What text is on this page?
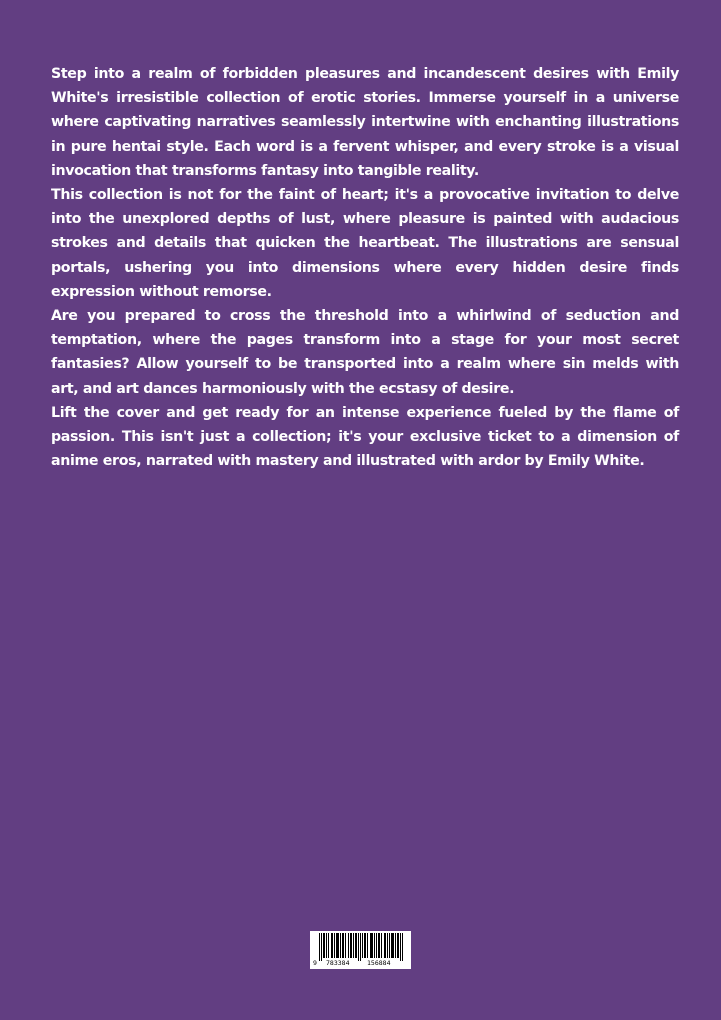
Step into a realm of forbidden pleasures and incandescent desires with Emily White's irresistible collection of erotic stories. Immerse yourself in a universe where captivating narratives seamlessly intertwine with enchanting illustrations in pure hentai style. Each word is a fervent whisper, and every stroke is a visual invocation that transforms fantasy into tangible reality.

This collection is not for the faint of heart; it's a provocative invitation to delve into the unexplored depths of lust, where pleasure is painted with audacious strokes and details that quicken the heartbeat. The illustrations are sensual portals, ushering you into dimensions where every hidden desire finds expression without remorse.

Are you prepared to cross the threshold into a whirlwind of seduction and temptation, where the pages transform into a stage for your most secret fantasies? Allow yourself to be transported into a realm where sin melds with art, and art dances harmoniously with the ecstasy of desire.

Lift the cover and get ready for an intense experience fueled by the flame of passion. This isn't just a collection; it's your exclusive ticket to a dimension of anime eros, narrated with mastery and illustrated with ardor by Emily White.

9 783384	156884
